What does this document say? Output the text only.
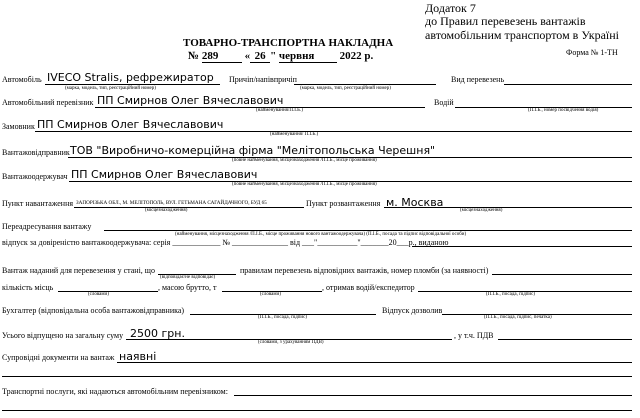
Додаток 7
до Правил перевезень вантажів
автомобільним транспортом в Україні
Форма № 1-ТН
ТОВАРНО-ТРАНСПОРТНА НАКЛАДНА
№ 289 « 26 " червня 2022 р.
Автомобіль IVECO Stralis, рефрежиратор
(марка, модель, тип, реєстраційний номер)
Причіп/напівпричіп
(марка, модель, тип, реєстраційний номер)
Вид перевезень
Автомобільний перевізник ПП Смирнов Олег Вячеславович
(найменування/П.І.Б.)
Водій
(П.І.Б., номер посвідчення водія)
Замовник ПП Смирнов Олег Вячеславович
(найменування/ П.І.Б.)
Вантажовідправник ТОВ "Виробничо-комерційна фірма "Мелітопольська Черешня"
(повне найменування, місцезнаходження /П.І.Б., місце проживання)
Вантажоодержувач ПП Смирнов Олег Вячеславович
(повне найменування, місцезнаходження /П.І.Б., місце проживання)
Пункт навантаження ЗАПОРІЗЬКА ОБЛ., М. МЕЛІТОПОЛЬ, ВУЛ. ГЕТЬМАНА САГАЙДАЧНОГО, БУД 65
(місцезнаходження)
Пункт розвантаження м. Москва
(місцезнаходження)
Переадресування вантажу
(найменування, місцезнаходження /П.І.Б., місце проживання нового вантажоодержувача) (П.І.Б., посада та підпис відповідальної особи)
відпуск за довіреністю вантажоодержувача: серія ____________ № ______________ від ___"__________"_______20___р., виданою
Вантаж наданий для перевезення у стані, що
(відповідає/не відповідає)
правилам перевезень відповідних вантажів, номер пломби (за наявності)
кількість місць
(словами)
, масою брутто, т
(словами)
, отримав водій/експедитор
(П.І.Б., посада, підпис)
Бухгалтер (відповідальна особа вантажовідправника)
(П.І.Б., посада, підпис)
Відпуск дозволив
(П.І.Б., посада, підпис, печатка)
Усього відпущено на загальну суму 2500 грн.
(словами, з урахуванням ПДВ)
, у т.ч. ПДВ
Супровідні документи на вантаж наявні
Транспортні послуги, які надаються автомобільним перевізником:
